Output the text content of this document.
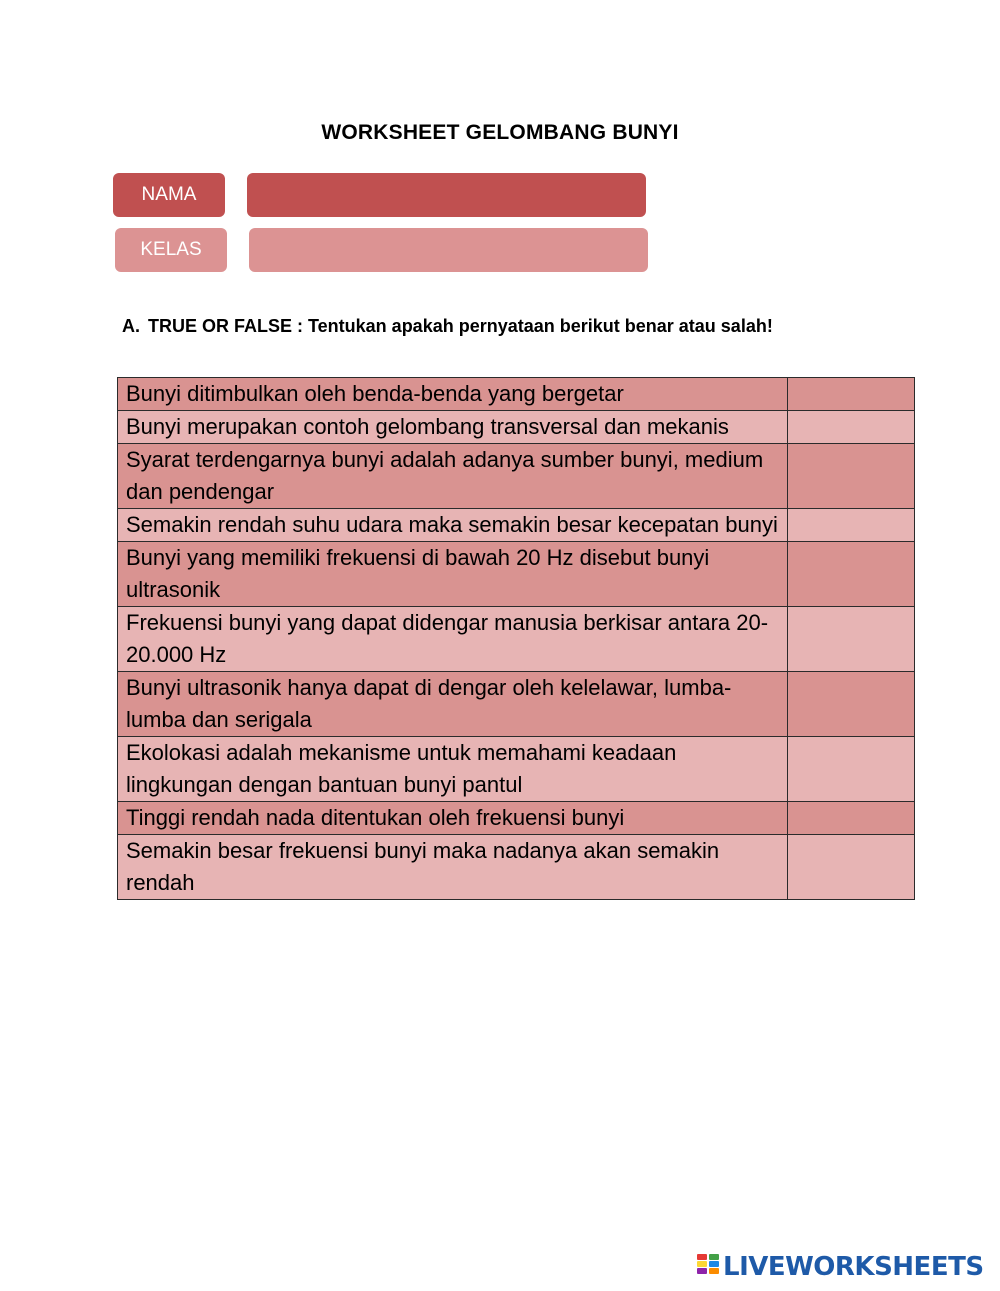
WORKSHEET GELOMBANG BUNYI
NAMA
KELAS
A. TRUE OR FALSE : Tentukan apakah pernyataan berikut benar atau salah!
Bunyi ditimbulkan oleh benda-benda yang bergetar	
Bunyi merupakan contoh gelombang transversal dan mekanis	
Syarat terdengarnya bunyi adalah adanya sumber bunyi, medium dan pendengar	
Semakin rendah suhu udara maka semakin besar kecepatan bunyi	
Bunyi yang memiliki frekuensi di bawah 20 Hz disebut bunyi ultrasonik	
Frekuensi bunyi yang dapat didengar manusia berkisar antara 20-20.000 Hz	
Bunyi ultrasonik hanya dapat di dengar oleh kelelawar, lumba-lumba dan serigala	
Ekolokasi adalah mekanisme untuk memahami keadaan lingkungan dengan bantuan bunyi pantul	
Tinggi rendah nada ditentukan oleh frekuensi bunyi	
Semakin besar frekuensi bunyi maka nadanya akan semakin rendah	
LIVEWORKSHEETS
